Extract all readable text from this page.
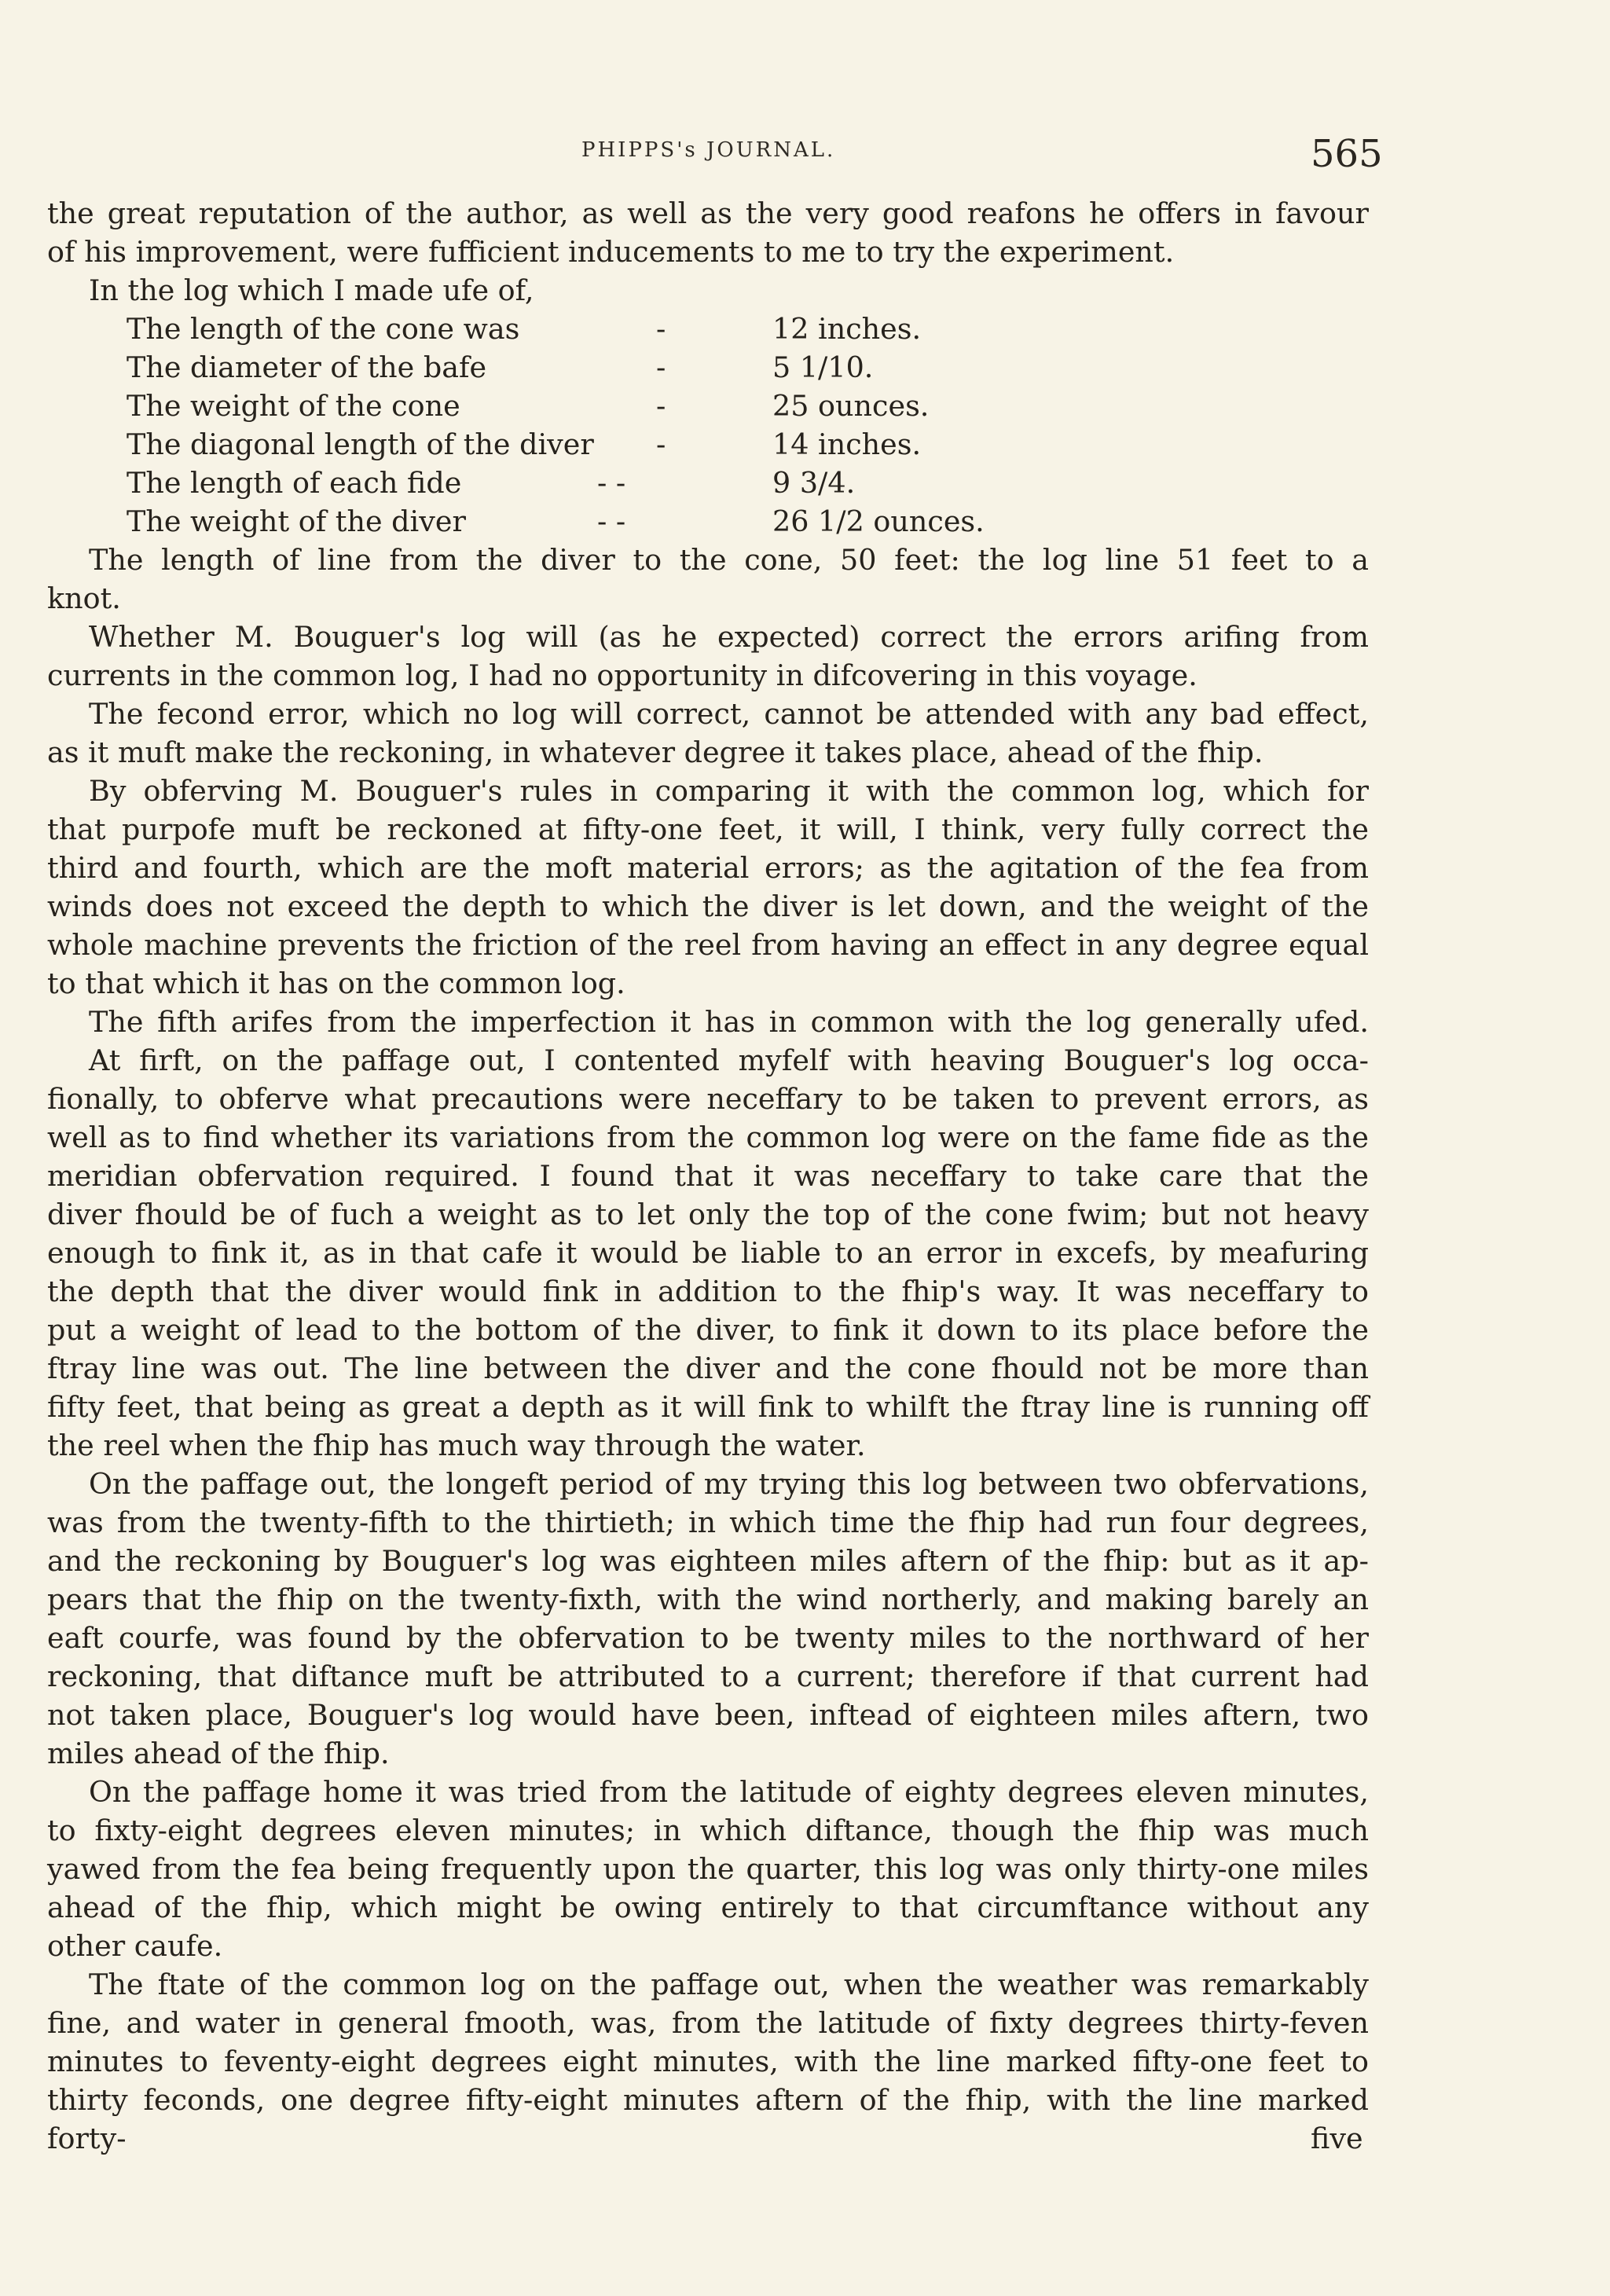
PHIPPS's JOURNAL.	565
the great reputation of the author, as well as the very good reafons he offers in favour
of his improvement, were fufficient inducements to me to try the experiment.
In the log which I made ufe of,
The length of the cone was	-	12 inches.
The diameter of the bafe	-	5 1/10.
The weight of the cone	-	25 ounces.
The diagonal length of the diver -	14 inches.
The length of each fide	- -	9 3/4.
The weight of the diver	- -	26 1/2 ounces.
The length of line from the diver to the cone, 50 feet: the log line 51 feet to a
knot.
Whether M. Bouguer's log will (as he expected) correct the errors arifing from
currents in the common log, I had no opportunity in difcovering in this voyage.
The fecond error, which no log will correct, cannot be attended with any bad effect,
as it muft make the reckoning, in whatever degree it takes place, ahead of the fhip.
By obferving M. Bouguer's rules in comparing it with the common log, which for
that purpofe muft be reckoned at fifty-one feet, it will, I think, very fully correct the
third and fourth, which are the moft material errors; as the agitation of the fea from
winds does not exceed the depth to which the diver is let down, and the weight of the
whole machine prevents the friction of the reel from having an effect in any degree equal
to that which it has on the common log.
The fifth arifes from the imperfection it has in common with the log generally ufed.
At firft, on the paffage out, I contented myfelf with heaving Bouguer's log occa-
fionally, to obferve what precautions were neceffary to be taken to prevent errors, as
well as to find whether its variations from the common log were on the fame fide as the
meridian obfervation required. I found that it was neceffary to take care that the
diver fhould be of fuch a weight as to let only the top of the cone fwim; but not heavy
enough to fink it, as in that cafe it would be liable to an error in excefs, by meafuring
the depth that the diver would fink in addition to the fhip's way. It was neceffary to
put a weight of lead to the bottom of the diver, to fink it down to its place before the
ftray line was out. The line between the diver and the cone fhould not be more than
fifty feet, that being as great a depth as it will fink to whilft the ftray line is running off
the reel when the fhip has much way through the water.
On the paffage out, the longeft period of my trying this log between two obfervations,
was from the twenty-fifth to the thirtieth; in which time the fhip had run four degrees,
and the reckoning by Bouguer's log was eighteen miles aftern of the fhip: but as it ap-
pears that the fhip on the twenty-fixth, with the wind northerly, and making barely an
eaft courfe, was found by the obfervation to be twenty miles to the northward of her
reckoning, that diftance muft be attributed to a current; therefore if that current had
not taken place, Bouguer's log would have been, inftead of eighteen miles aftern, two
miles ahead of the fhip.
On the paffage home it was tried from the latitude of eighty degrees eleven minutes,
to fixty-eight degrees eleven minutes; in which diftance, though the fhip was much
yawed from the fea being frequently upon the quarter, this log was only thirty-one miles
ahead of the fhip, which might be owing entirely to that circumftance without any
other caufe.
The ftate of the common log on the paffage out, when the weather was remarkably
fine, and water in general fmooth, was, from the latitude of fixty degrees thirty-feven
minutes to feventy-eight degrees eight minutes, with the line marked fifty-one feet to
thirty feconds, one degree fifty-eight minutes aftern of the fhip, with the line marked forty-	five
